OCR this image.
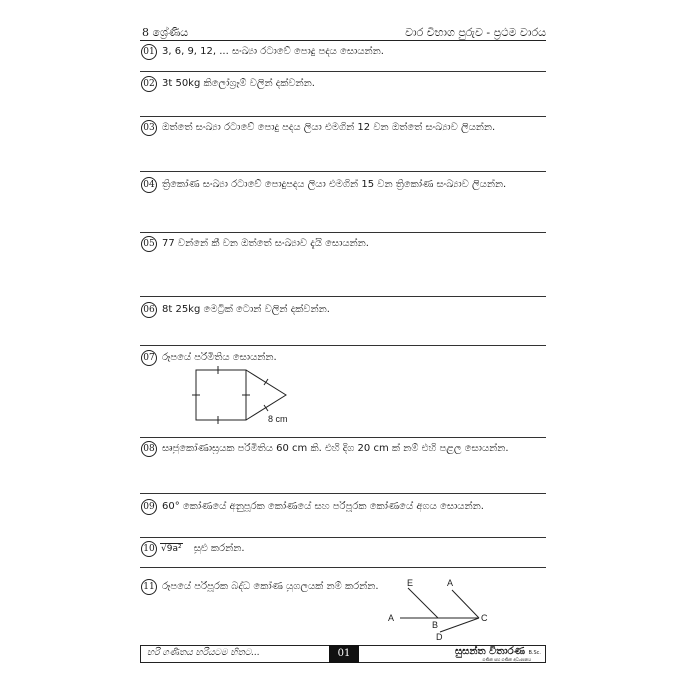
8 ශ්‍රේණිය	වාර විභාග පුරුව - ප්‍රථම වාරය
01 3, 6, 9, 12, ... සංඛ්‍යා රටාවේ පොදු පදය සොයන්න.
02 3t 50kg කිලෝග්‍රෑම් වලින් දක්වන්න.
03 ඔත්තේ සංඛ්‍යා රටාවේ පොදු පදය ලියා එමගින් 12 වන ඔත්තේ සංඛ්‍යාව ලියන්න.
04 ත්‍රිකෝණ සංඛ්‍යා රටාවේ පොදුපදය ලියා එමගින් 15 වන ත්‍රිකෝණ සංඛ්‍යාව ලියන්න.
05 77 වන්නේ කී වන ඔත්තේ සංඛ්‍යාව දැයි සොයන්න.
06 8t 25kg මෙට්‍රික් ටොන් වලින් දක්වන්න.
07 රූපයේ පරිමිතිය සොයන්න.
8 cm
08 සෘජුකෝණාස්‍රයක පරිමිතිය 60 cm කි. එහි දිග 20 cm ක් නම් එහි පළල සොයන්න.
09 60° කෝණයේ අනුපූරක කෝණයේ සහ පරිපූරක කෝණයේ අගය සොයන්න.
10 √9a² සුළු කරන්න.
11 රූපයේ පරිපූරක බද්ධ කෝණ යුගලයක් නම් කරන්න.	E	A
A
B
C
D
හරි ගණිතය හරියටම හිතට...	01	සුසන්ත විතාරණ B.Sc.
ගණිත සහ ගණිත අධ්‍යාපනය
